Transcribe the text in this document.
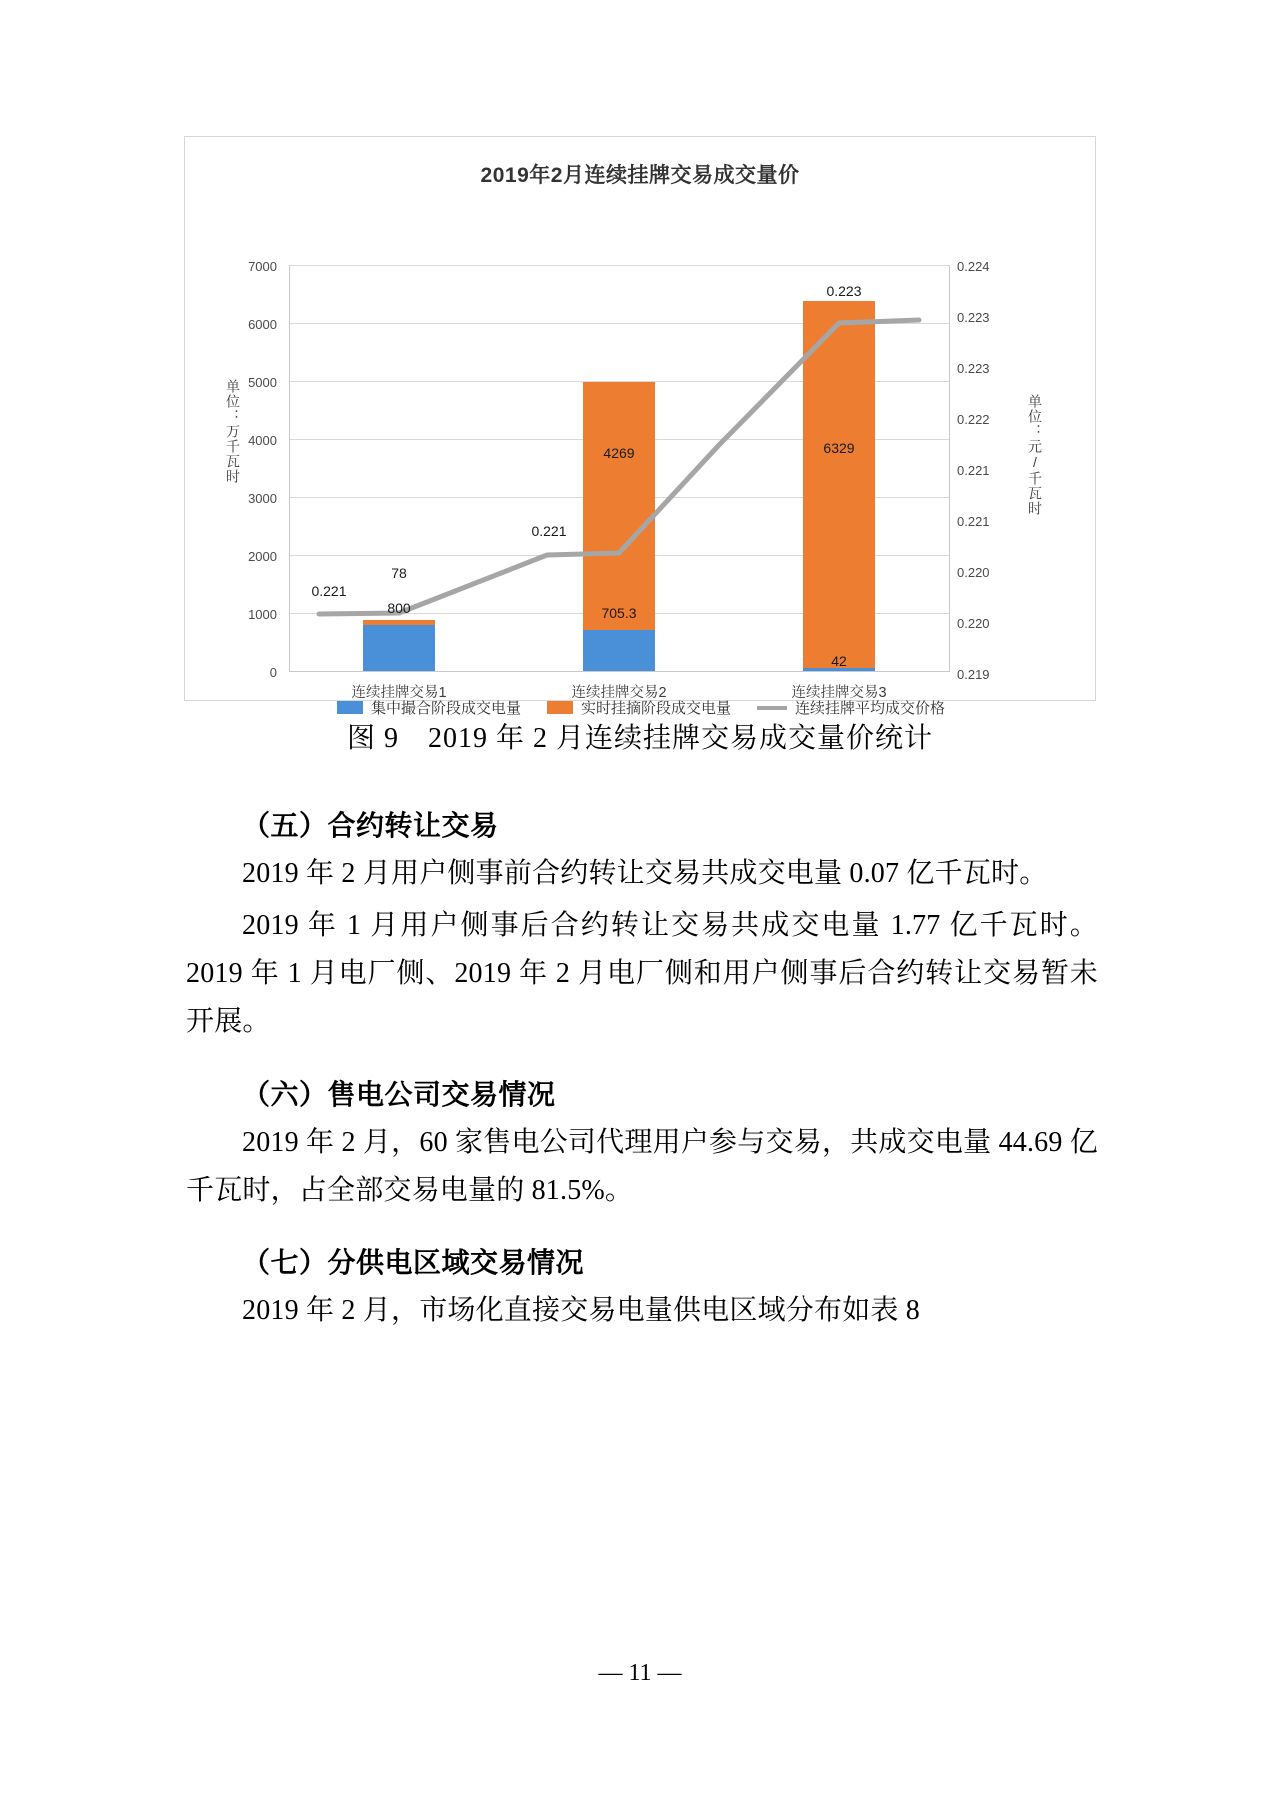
2019年2月连续挂牌交易成交量价
单位：万千瓦时	单位：元/千瓦时
7000
6000
5000
4000
3000
2000
1000
0
0.224
0.223
0.223
0.222
0.221
0.221
0.220
0.220
0.219
800
78
705.3
4269
42
6329
0.221
0.221
0.223
连续挂牌交易1	连续挂牌交易2	连续挂牌交易3
集中撮合阶段成交电量	实时挂摘阶段成交电量	连续挂牌平均成交价格
图 9　2019 年 2 月连续挂牌交易成交量价统计
（五）合约转让交易

2019 年 2 月用户侧事前合约转让交易共成交电量 0.07 亿千瓦时。

2019 年 1 月用户侧事后合约转让交易共成交电量 1.77 亿千瓦时。2019 年 1 月电厂侧、2019 年 2 月电厂侧和用户侧事后合约转让交易暂未开展。

（六）售电公司交易情况

2019 年 2 月，60 家售电公司代理用户参与交易，共成交电量 44.69 亿千瓦时，占全部交易电量的 81.5%。

（七）分供电区域交易情况

2019 年 2 月，市场化直接交易电量供电区域分布如表 8

— 11 —
